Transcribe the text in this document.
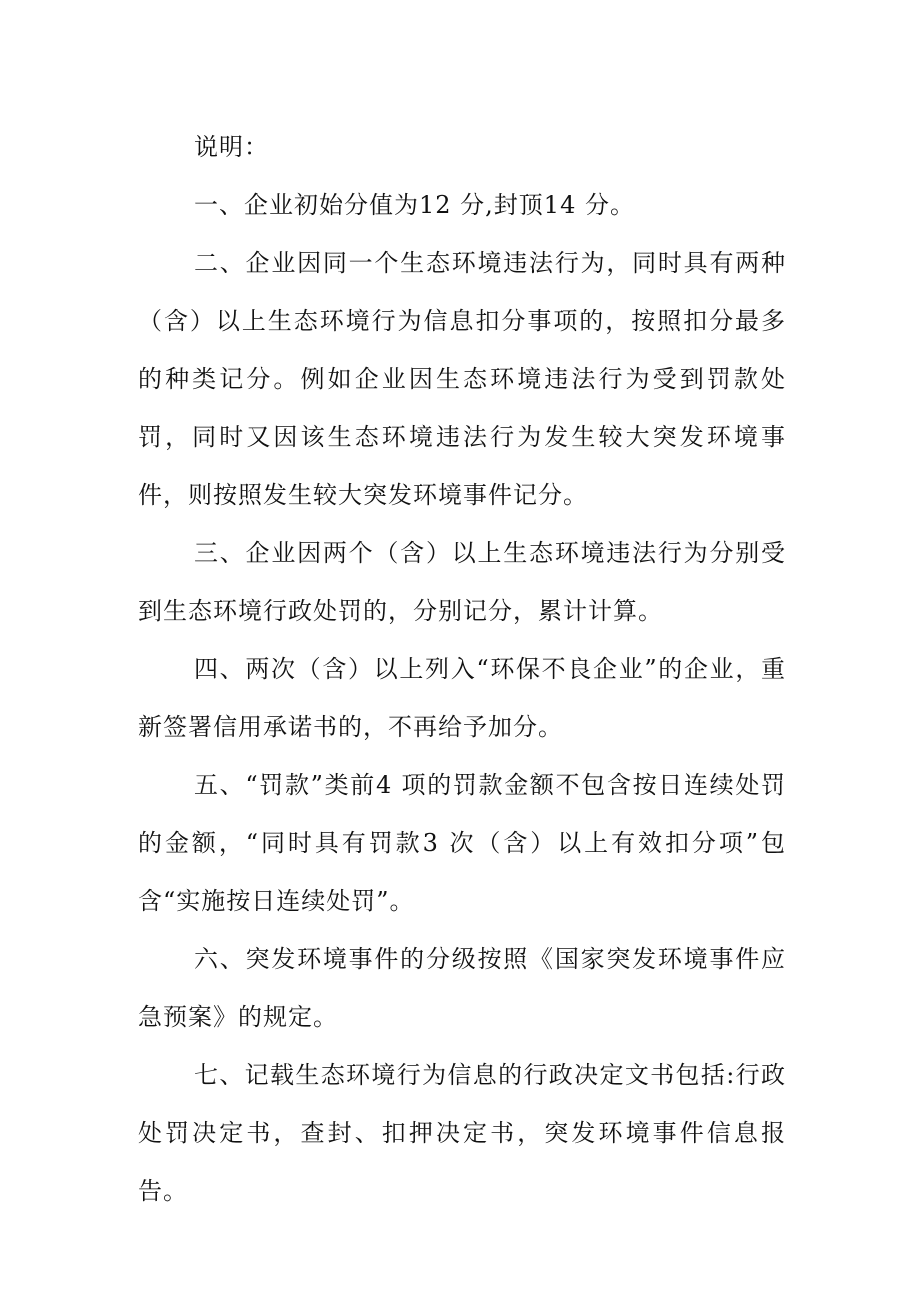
说明：

一、企业初始分值为12 分,封顶14 分。

二、企业因同一个生态环境违法行为，同时具有两种（含）以上生态环境行为信息扣分事项的，按照扣分最多的种类记分。例如企业因生态环境违法行为受到罚款处罚，同时又因该生态环境违法行为发生较大突发环境事件，则按照发生较大突发环境事件记分。

三、企业因两个（含）以上生态环境违法行为分别受到生态环境行政处罚的，分别记分，累计计算。

四、两次（含）以上列入“环保不良企业”的企业，重新签署信用承诺书的，不再给予加分。

五、“罚款”类前4 项的罚款金额不包含按日连续处罚的金额，“同时具有罚款3 次（含）以上有效扣分项”包含“实施按日连续处罚”。

六、突发环境事件的分级按照《国家突发环境事件应急预案》的规定。

七、记载生态环境行为信息的行政决定文书包括:行政处罚决定书，查封、扣押决定书，突发环境事件信息报告。
